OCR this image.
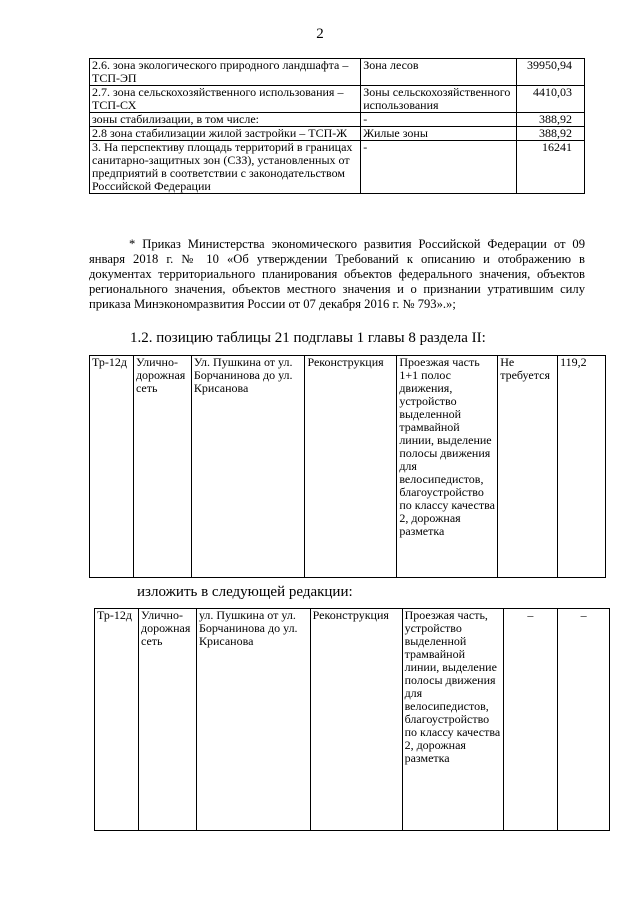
2
2.6. зона экологического природного ландшафта – ТСП-ЭП	Зона лесов	39950,94
2.7. зона сельскохозяйственного использования – ТСП-СХ	Зоны сельскохозяйственного использования	4410,03
зоны стабилизации, в том числе:	-	388,92
2.8 зона стабилизации жилой застройки – ТСП-Ж	Жилые зоны	388,92
3. На перспективу площадь территорий в границах санитарно-защитных зон (СЗЗ), установленных от предприятий в соответствии с законодательством Российской Федерации	-	16241
* Приказ Министерства экономического развития Российской Федерации от 09 января 2018 г. № 10 «Об утверждении Требований к описанию и отображению в документах территориального планирования объектов федерального значения, объектов регионального значения, объектов местного значения и о признании утратившим силу приказа Минэкономразвития России от 07 декабря 2016 г. № 793».»;
1.2. позицию таблицы 21 подглавы 1 главы 8 раздела II:
Тр-12д	Улично-дорожная сеть	Ул. Пушкина от ул. Борчанинова до ул. Крисанова	Реконструкция	Проезжая часть 1+1 полос движения, устройство выделенной трамвайной линии, выделение полосы движения для велосипедистов, благоустройство по классу качества 2, дорожная разметка	Не требуется	119,2
изложить в следующей редакции:
Тр-12д	Улично-дорожная сеть	ул. Пушкина от ул. Борчанинова до ул. Крисанова	Реконструкция	Проезжая часть, устройство выделенной трамвайной линии, выделение полосы движения для велосипедистов, благоустройство по классу качества 2, дорожная разметка	–	–
